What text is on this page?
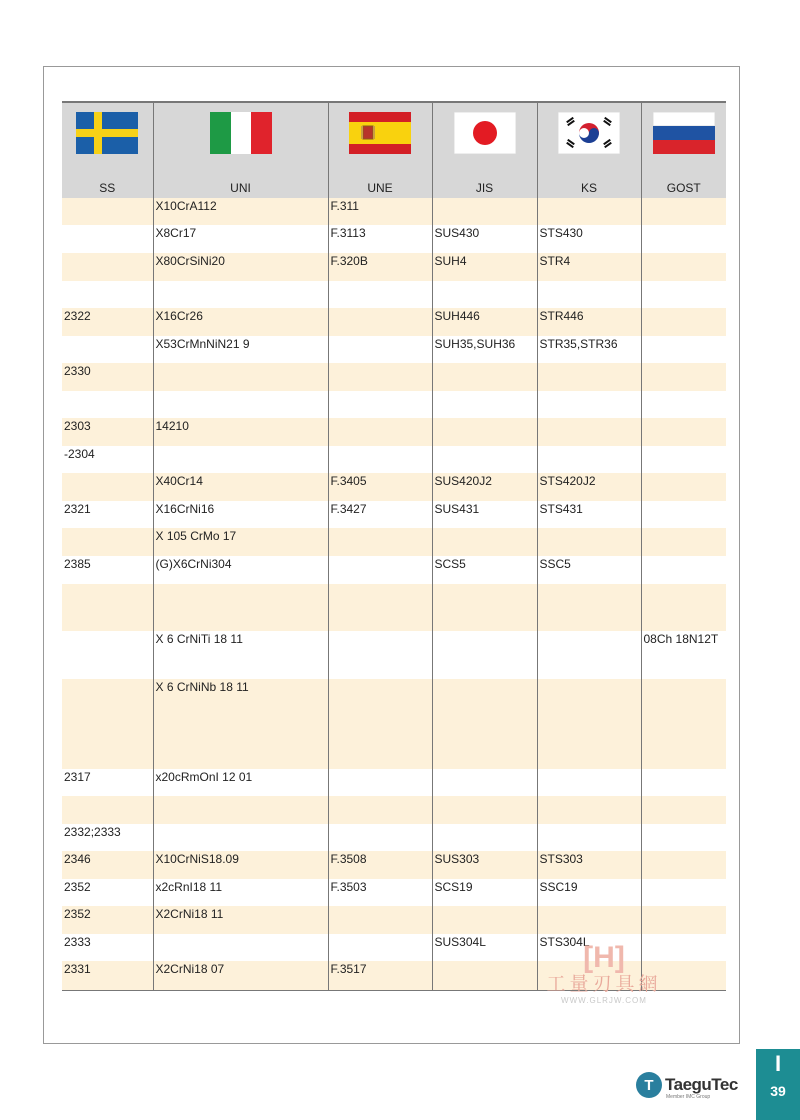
SS	UNI	UNE	JIS	KS	GOST
	X10CrA112	F.311			
	X8Cr17	F.3113	SUS430	STS430	
	X80CrSiNi20	F.320B	SUH4	STR4	

2322	X16Cr26		SUH446	STR446	
	X53CrMnNiN21 9		SUH35,SUH36	STR35,STR36	
2330					

2303	14210				
-2304					
	X40Cr14	F.3405	SUS420J2	STS420J2	
2321	X16CrNi16	F.3427	SUS431	STS431	
	X 105 CrMo 17				
2385	(G)X6CrNi304		SCS5	SSC5	

	X 6 CrNiTi 18 11				08Ch 18N12T
	X 6 CrNiNb 18 11				
2317	x20cRmOnI 12 01				

2332;2333					
2346	X10CrNiS18.09	F.3508	SUS303	STS303	
2352	x2cRnI18 11	F.3503	SCS19	SSC19	
2352	X2CrNi18 11				
2333			SUS304L	STS304L	
2331	X2CrNi18 07	F.3517				[H]
工量刃具網
WWW.GLRJW.COM
T TaeguTec
Member IMC Group
I
39
